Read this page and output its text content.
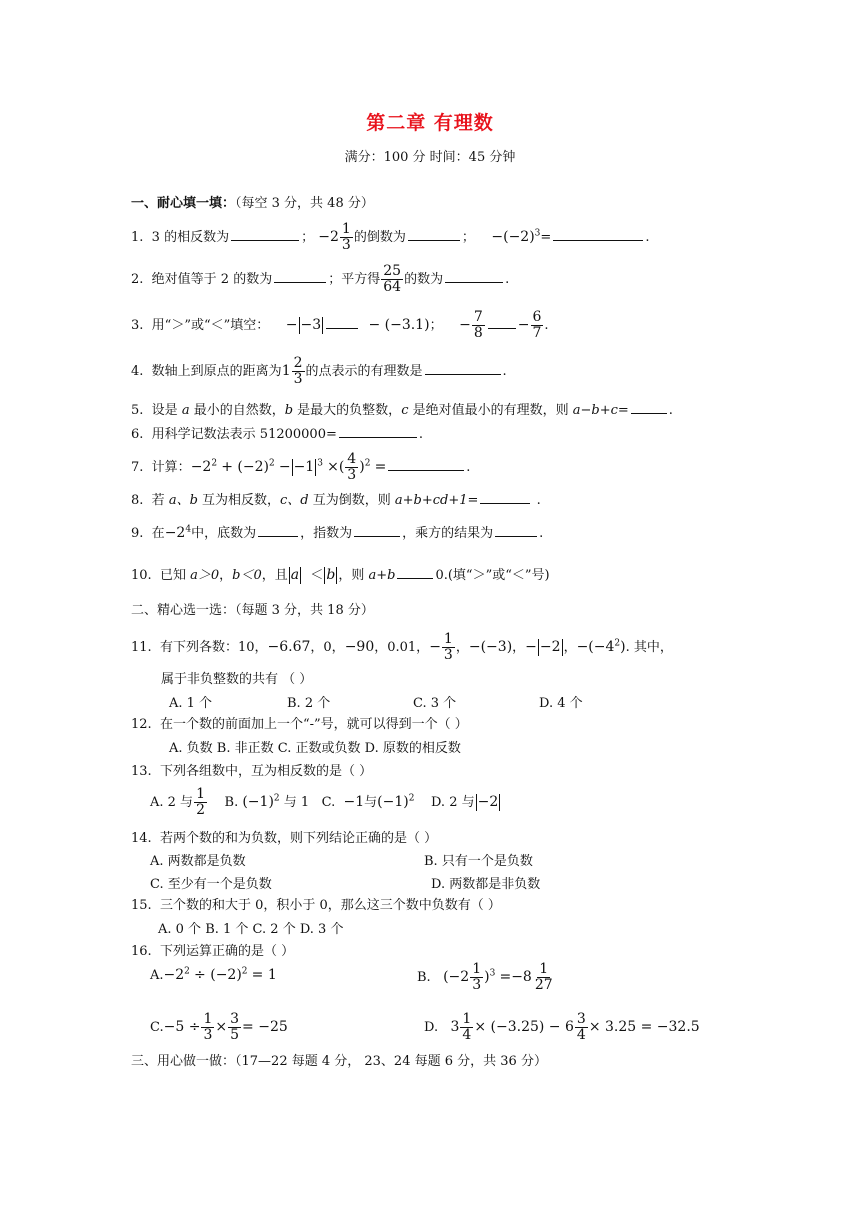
第二章 有理数
满分：100 分 时间：45 分钟
一、耐心填一填：（每空 3 分，共 48 分）
1. 3 的相反数为	； $-2 \frac{1}{3}$ 的倒数为	； $-(-2)^3=$	.
2. 绝对值等于 2 的数为	；平方得 $\frac{25}{64}$ 的数为	.
3. 用“＞”或“＜”填空： − −3	− (−3.1)； − $\frac{7}{8} - \frac{6}{7}$ .
4. 数轴上到原点的距离为$1 \frac{2}{3}$ 的点表示的有理数是	.
5. 设是 a 最小的自然数，b 是最大的负整数，c 是绝对值最小的有理数，则 a−b+c=	.
6. 用科学记数法表示 51200000=	.
7. 计算：$-2^2 + (-2)^2 - -1$ $^3$ ×( $\frac{4}{3} )^2$ =	.
8. 若 a、b 互为相反数，c、d 互为倒数，则 a+b+cd+1=	.
9. 在$-2^4$中，底数为	，指数为	，乘方的结果为	.
10. 已知 a＞0，b＜0，且 a  ＜ b ，则 a+b	0.(填“＞”或“＜”号)
二、精心选一选：（每题 3 分，共 18 分）
11. 有下列各数：10，−6.67，0，−90，0.01，− $\frac{1}{3}$ ，−(−3)，− −2 ，$-(-4^2)$. 其中，
属于非负整数的共有 （ ）
A. 1 个	B. 2 个	C. 3 个	D. 4 个
12. 在一个数的前面加上一个“-”号，就可以得到一个（ ）
A. 负数 B. 非正数 C. 正数或负数 D. 原数的相反数
13. 下列各组数中，互为相反数的是（ ）
A. 2 与 $\frac{1}{2} B$. $(-1)^2$ 与 1 C. −1与$(-1)^2$ D. 2 与 −2
14. 若两个数的和为负数，则下列结论正确的是（ ）
A. 两数都是负数	B. 只有一个是负数
C. 至少有一个是负数	D. 两数都是非负数
15. 三个数的和大于 0，积小于 0，那么这三个数中负数有（ ）
A. 0 个 B. 1 个 C. 2 个 D. 3 个
16. 下列运算正确的是（ ）
$A.-2^2 \div (-2)^2 = 1$	B. $(-2 \frac{1}{3} )^3 =-8 \frac{1}{27}$
$C.-5 \div \frac{1}{3} \times \frac{3}{5} = -25$	D. $3 \frac{1}{4} \times (-3.25) - 6 \frac{3}{4} \times 3.25 = -32.5$
三、用心做一做：（17—22 每题 4 分， 23、24 每题 6 分，共 36 分）
